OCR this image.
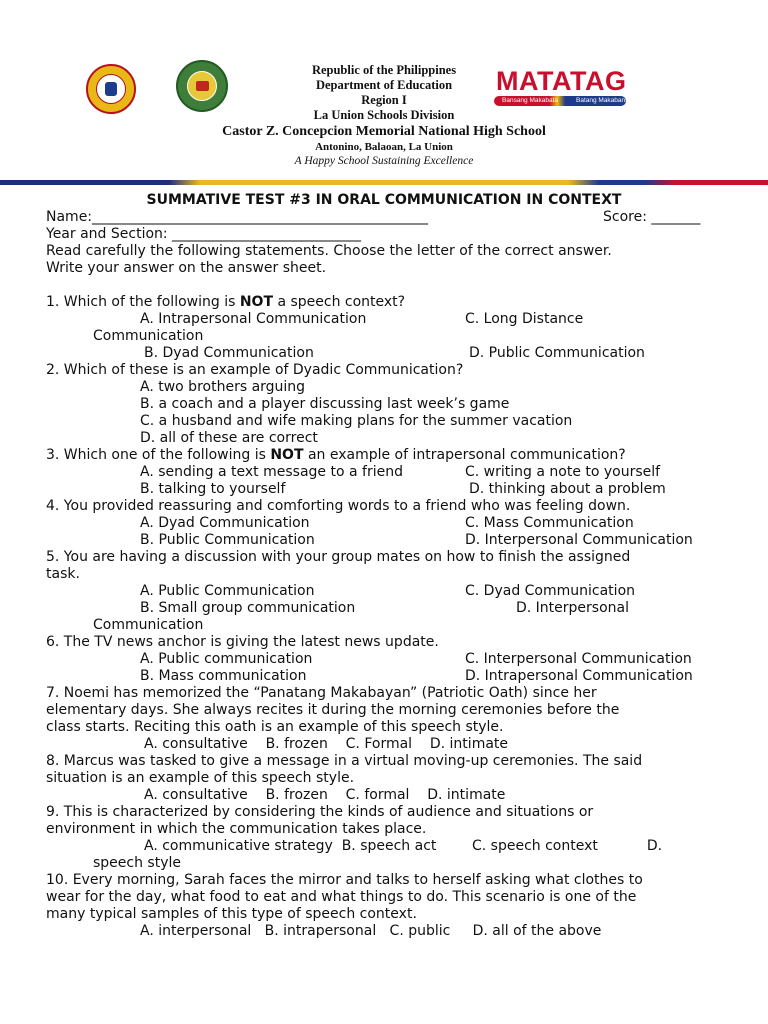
MATATAG
Bansang Makabata	Batang Makabansa
Republic of the Philippines
Department of Education
Region I
La Union Schools Division
Castor Z. Concepcion Memorial National High School
Antonino, Balaoan, La Union
A Happy School Sustaining Excellence
SUMMATIVE TEST #3 IN ORAL COMMUNICATION IN CONTEXT
Name:________________________________________________	Score: _______
Year and Section: ___________________________
Read carefully the following statements. Choose the letter of the correct answer.
Write your answer on the answer sheet.
1. Which of the following is NOT a speech context?
A. Intrapersonal Communication	C. Long Distance
Communication
B. Dyad Communication	D. Public Communication
2. Which of these is an example of Dyadic Communication?
A. two brothers arguing
B. a coach and a player discussing last week’s game
C. a husband and wife making plans for the summer vacation
D. all of these are correct
3. Which one of the following is NOT an example of intrapersonal communication?
A. sending a text message to a friend	C. writing a note to yourself
B. talking to yourself	D. thinking about a problem
4. You provided reassuring and comforting words to a friend who was feeling down.
A. Dyad Communication	C. Mass Communication
B. Public Communication	D. Interpersonal Communication
5. You are having a discussion with your group mates on how to finish the assigned
task.
A. Public Communication	C. Dyad Communication
B. Small group communication	D. Interpersonal
Communication
6. The TV news anchor is giving the latest news update.
A. Public communication	C. Interpersonal Communication
B. Mass communication	D. Intrapersonal Communication
7. Noemi has memorized the “Panatang Makabayan” (Patriotic Oath) since her
elementary days. She always recites it during the morning ceremonies before the
class starts. Reciting this oath is an example of this speech style.
A. consultative    B. frozen    C. Formal    D. intimate
8. Marcus was tasked to give a message in a virtual moving-up ceremonies. The said
situation is an example of this speech style.
A. consultative    B. frozen    C. formal    D. intimate
9. This is characterized by considering the kinds of audience and situations or
environment in which the communication takes place.
A. communicative strategy  B. speech act        C. speech context           D.
speech style
10. Every morning, Sarah faces the mirror and talks to herself asking what clothes to
wear for the day, what food to eat and what things to do. This scenario is one of the
many typical samples of this type of speech context.
A. interpersonal   B. intrapersonal   C. public     D. all of the above
